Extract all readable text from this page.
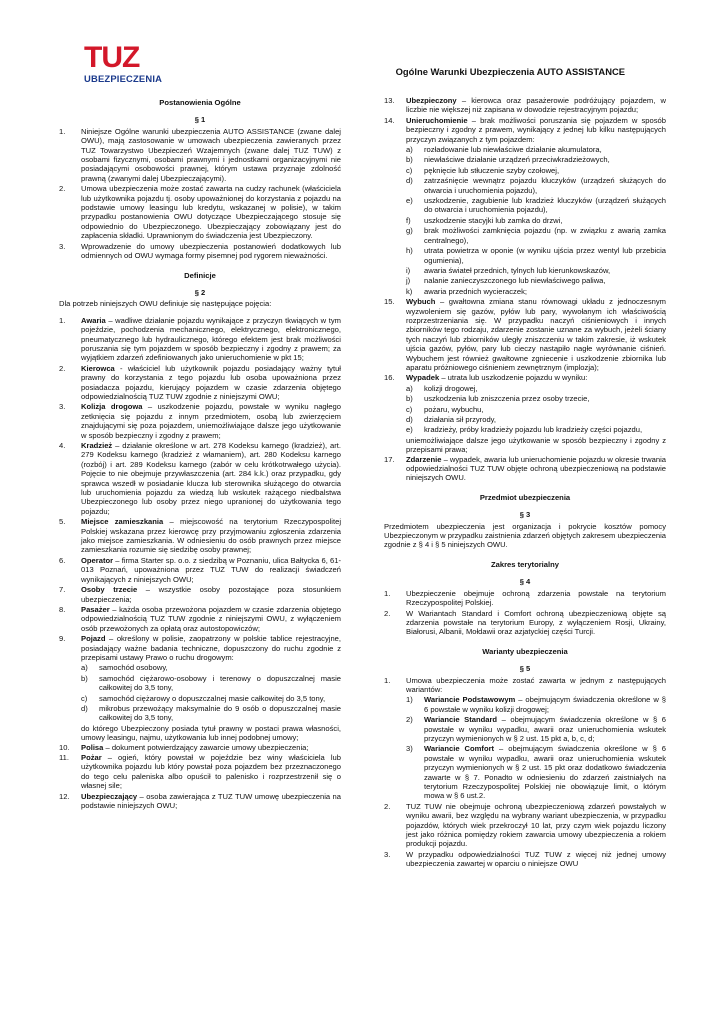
TUZ
UBEZPIECZENIA
Ogólne Warunki Ubezpieczenia AUTO ASSISTANCE
Postanowienia Ogólne
§ 1
1.	Niniejsze Ogólne warunki ubezpieczenia AUTO ASSISTANCE (zwane dalej OWU), mają zastosowanie w umowach ubezpieczenia zawieranych przez TUZ Towarzystwo Ubezpieczeń Wzajemnych (zwane dalej TUZ TUW) z osobami fizycznymi, osobami prawnymi i jednostkami organizacyjnymi nie posiadającymi osobowości prawnej, którym ustawa przyznaje zdolność prawną (zwanymi dalej Ubezpieczającymi).
2.	Umowa ubezpieczenia może zostać zawarta na cudzy rachunek (właściciela lub użytkownika pojazdu tj. osoby upoważnionej do korzystania z pojazdu na podstawie umowy leasingu lub kredytu, wskazanej w polisie), w takim przypadku postanowienia OWU dotyczące Ubezpieczającego stosuje się odpowiednio do Ubezpieczonego. Ubezpieczający zobowiązany jest do zapłacenia składki. Uprawnionym do świadczenia jest Ubezpieczony.
3.	Wprowadzenie do umowy ubezpieczenia postanowień dodatkowych lub odmiennych od OWU wymaga formy pisemnej pod rygorem nieważności.
Definicje
§ 2

Dla potrzeb niniejszych OWU definiuje się następujące pojęcia:

1.	Awaria – wadliwe działanie pojazdu wynikające z przyczyn tkwiących w tym pojeździe, pochodzenia mechanicznego, elektrycznego, elektronicznego, pneumatycznego lub hydraulicznego, którego efektem jest brak możliwości poruszania się tym pojazdem w sposób bezpieczny i zgodny z prawem; za wyjątkiem zdarzeń zdefiniowanych jako unieruchomienie w pkt 15;
2.	Kierowca - właściciel lub użytkownik pojazdu posiadający ważny tytuł prawny do korzystania z tego pojazdu lub osoba upoważniona przez posiadacza pojazdu, kierujący pojazdem w czasie zdarzenia objętego odpowiedzialnością TUZ TUW zgodnie z niniejszymi OWU;
3.	Kolizja drogowa – uszkodzenie pojazdu, powstałe w wyniku nagłego zetknięcia się pojazdu z innym przedmiotem, osobą lub zwierzęciem znajdującymi się poza pojazdem, uniemożliwiające dalsze jego użytkowanie w sposób bezpieczny i zgodny z prawem;
4.	Kradzież – działanie określone w art. 278 Kodeksu karnego (kradzież), art. 279 Kodeksu karnego (kradzież z włamaniem), art. 280 Kodeksu karnego (rozbój) i art. 289 Kodeksu karnego (zabór w celu krótkotrwałego użycia). Pojęcie to nie obejmuje przywłaszczenia (art. 284 k.k.) oraz przypadku, gdy sprawca wszedł w posiadanie klucza lub sterownika służącego do otwarcia lub uruchomienia pojazdu za wiedzą lub wskutek rażącego niedbalstwa Ubezpieczonego lub osoby przez niego upranionej do użytkowania tego pojazdu;
5.	Miejsce zamieszkania – miejscowość na terytorium Rzeczypospolitej Polskiej wskazana przez kierowcę przy przyjmowaniu zgłoszenia zdarzenia jako miejsce zamieszkania. W odniesieniu do osób prawnych przez miejsce zamieszkania rozumie się siedzibę osoby prawnej;
6.	Operator – firma Starter sp. o.o. z siedzibą w Poznaniu, ulica Bałtycka 6, 61-013 Poznań, upoważniona przez TUZ TUW do realizacji świadczeń wynikających z niniejszych OWU;
7.	Osoby trzecie – wszystkie osoby pozostające poza stosunkiem ubezpieczenia;
8.	Pasażer – każda osoba przewożona pojazdem w czasie zdarzenia objętego odpowiedzialnością TUZ TUW zgodnie z niniejszymi OWU, z wyłączeniem osób przewożonych za opłatą oraz autostopowiczów;
9.	Pojazd – określony w polisie, zaopatrzony w polskie tablice rejestracyjne, posiadający ważne badania techniczne, dopuszczony do ruchu zgodnie z przepisami ustawy Prawo o ruchu drogowym:
a)	samochód osobowy,
b)	samochód ciężarowo-osobowy i terenowy o dopuszczalnej masie całkowitej do 3,5 tony,
c)	samochód ciężarowy o dopuszczalnej masie całkowitej do 3,5 tony,
d)	mikrobus przewożący maksymalnie do 9 osób o dopuszczalnej masie całkowitej do 3,5 tony,

do którego Ubezpieczony posiada tytuł prawny w postaci prawa własności, umowy leasingu, najmu, użytkowania lub innej podobnej umowy;

10.	Polisa – dokument potwierdzający zawarcie umowy ubezpieczenia;
11.	Pożar – ogień, który powstał w pojeździe bez winy właściciela lub użytkownika pojazdu lub który powstał poza pojazdem bez przeznaczonego do tego celu paleniska albo opuścił to palenisko i rozprzestrzenił się o własnej sile;
12.	Ubezpieczający – osoba zawierająca z TUZ TUW umowę ubezpieczenia na podstawie niniejszych OWU;
13.	Ubezpieczony – kierowca oraz pasażerowie podróżujący pojazdem, w liczbie nie większej niż zapisana w dowodzie rejestracyjnym pojazdu;
14.	Unieruchomienie – brak możliwości poruszania się pojazdem w sposób bezpieczny i zgodny z prawem, wynikający z jednej lub kilku następujących przyczyn związanych z tym pojazdem:
a)	rozładowanie lub niewłaściwe działanie akumulatora,
b)	niewłaściwe działanie urządzeń przeciwkradzieżowych,
c)	pęknięcie lub stłuczenie szyby czołowej,
d)	zatrzaśnięcie wewnątrz pojazdu kluczyków (urządzeń służących do otwarcia i uruchomienia pojazdu),
e)	uszkodzenie, zagubienie lub kradzież kluczyków (urządzeń służących do otwarcia i uruchomienia pojazdu),
f)	uszkodzenie stacyjki lub zamka do drzwi,
g)	brak możliwości zamknięcia pojazdu (np. w związku z awarią zamka centralnego),
h)	utrata powietrza w oponie (w wyniku ujścia przez wentyl lub przebicia ogumienia),
i)	awaria świateł przednich, tylnych lub kierunkowskazów,
j)	nalanie zanieczyszczonego lub niewłaściwego paliwa,
k)	awaria przednich wycieraczek;
15.	Wybuch – gwałtowna zmiana stanu równowagi układu z jednoczesnym wyzwoleniem się gazów, pyłów lub pary, wywołanym ich właściwością rozprzestrzeniania się. W przypadku naczyń ciśnieniowych i innych zbiorników tego rodzaju, zdarzenie zostanie uznane za wybuch, jeżeli ściany tych naczyń lub zbiorników uległy zniszczeniu w takim zakresie, iż wskutek ujścia gazów, pyłów, pary lub cieczy nastąpiło nagłe wyrównanie ciśnień. Wybuchem jest również gwałtowne zgniecenie i uszkodzenie zbiornika lub aparatu próżniowego ciśnieniem zewnętrznym (implozja);
16.	Wypadek – utrata lub uszkodzenie pojazdu w wyniku:
a)	kolizji drogowej,
b)	uszkodzenia lub zniszczenia przez osoby trzecie,
c)	pożaru, wybuchu,
d)	działania sił przyrody,
e)	kradzieży, próby kradzieży pojazdu lub kradzieży części pojazdu,

uniemożliwiające dalsze jego użytkowanie w sposób bezpieczny i zgodny z przepisami prawa;

17.	Zdarzenie – wypadek, awaria lub unieruchomienie pojazdu w okresie trwania odpowiedzialności TUZ TUW objęte ochroną ubezpieczeniową na podstawie niniejszych OWU.
Przedmiot ubezpieczenia
§ 3

Przedmiotem ubezpieczenia jest organizacja i pokrycie kosztów pomocy Ubezpieczonym w przypadku zaistnienia zdarzeń objętych zakresem ubezpieczenia zgodnie z § 4 i § 5 niniejszych OWU.

Zakres terytorialny
§ 4
1.	Ubezpieczenie obejmuje ochroną zdarzenia powstałe na terytorium Rzeczypospolitej Polskiej.
2.	W Wariantach Standard i Comfort ochroną ubezpieczeniową objęte są zdarzenia powstałe na terytorium Europy, z wyłączeniem Rosji, Ukrainy, Białorusi, Albanii, Mołdawii oraz azjatyckiej części Turcji.
Warianty ubezpieczenia
§ 5
1.	Umowa ubezpieczenia może zostać zawarta w jednym z następujących wariantów:
1)	Wariancie Podstawowym – obejmującym świadczenia określone w § 6 powstałe w wyniku kolizji drogowej;
2)	Wariancie Standard – obejmującym świadczenia określone w § 6 powstałe w wyniku wypadku, awarii oraz unieruchomienia wskutek przyczyn wymienionych w § 2 ust. 15 pkt a, b, c, d;
3)	Wariancie Comfort – obejmującym świadczenia określone w § 6 powstałe w wyniku wypadku, awarii oraz unieruchomienia wskutek przyczyn wymienionych w § 2 ust. 15 pkt oraz dodatkowo świadczenia zawarte w § 7. Ponadto w odniesieniu do zdarzeń zaistniałych na terytorium Rzeczypospolitej Polskiej nie obowiązuje limit, o którym mowa w § 6 ust.2.
2.	TUZ TUW nie obejmuje ochroną ubezpieczeniową zdarzeń powstałych w wyniku awarii, bez względu na wybrany wariant ubezpieczenia, w przypadku pojazdów, których wiek przekroczył 10 lat, przy czym wiek pojazdu liczony jest jako różnica pomiędzy rokiem zawarcia umowy ubezpieczenia a rokiem produkcji pojazdu.
3.	W przypadku odpowiedzialności TUZ TUW z więcej niż jednej umowy ubezpieczenia zawartej w oparciu o niniejsze OWU
